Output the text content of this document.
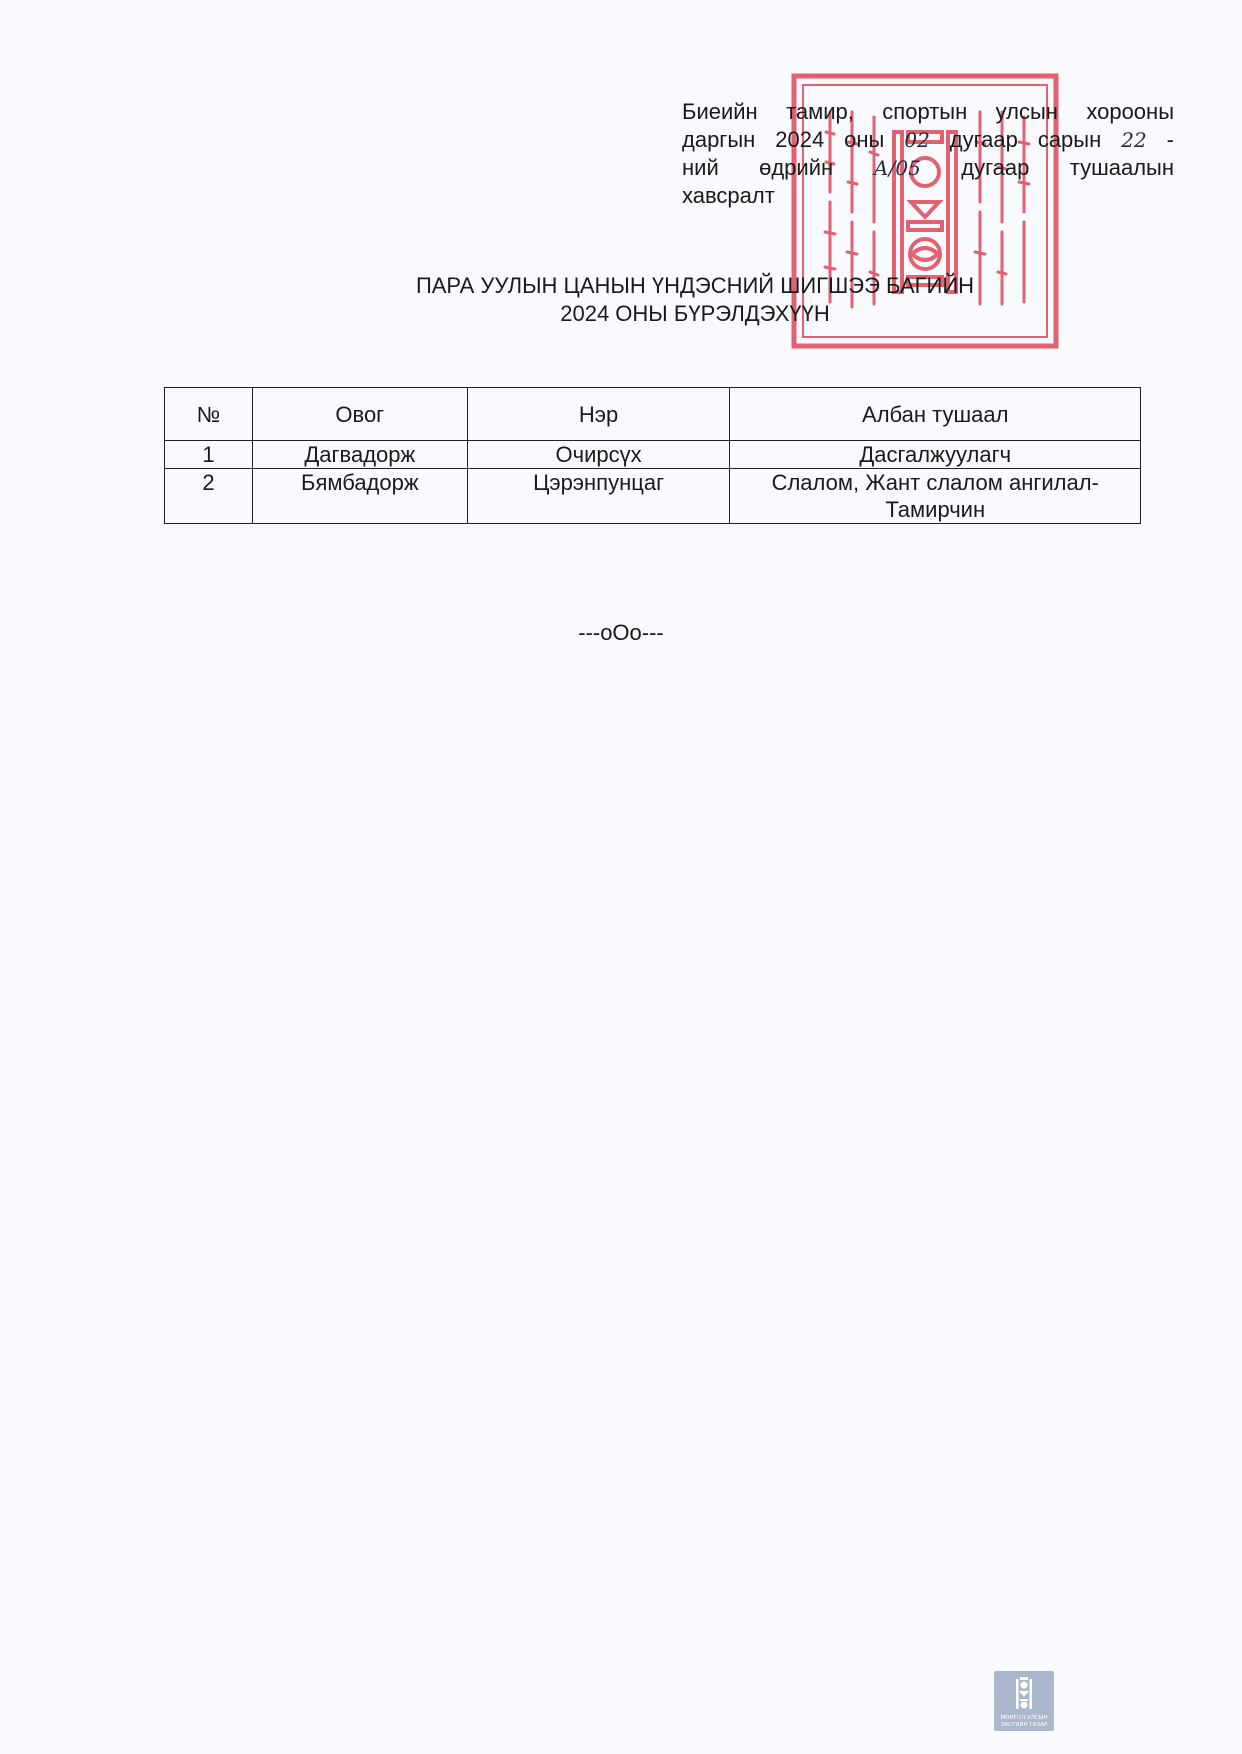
Биеийн тамир, спортын улсын хорооны
даргын 2024 оны 02 дугаар сарын 22 -
ний өдрийн А/05 дугаар тушаалын
хавсралт
ПАРА УУЛЫН ЦАНЫН ҮНДЭСНИЙ ШИГШЭЭ БАГИЙН
2024 ОНЫ БҮРЭЛДЭХҮҮН
№	Овог	Нэр	Албан тушаал
1	Дагвадорж	Очирсүх	Дасгалжуулагч
2	Бямбадорж	Цэрэнпунцаг	Слалом, Жант слалом ангилал-
Тамирчин
---оОо---
МОНГОЛ УЛСЫН
ЗАСГИЙН ГАЗАР
